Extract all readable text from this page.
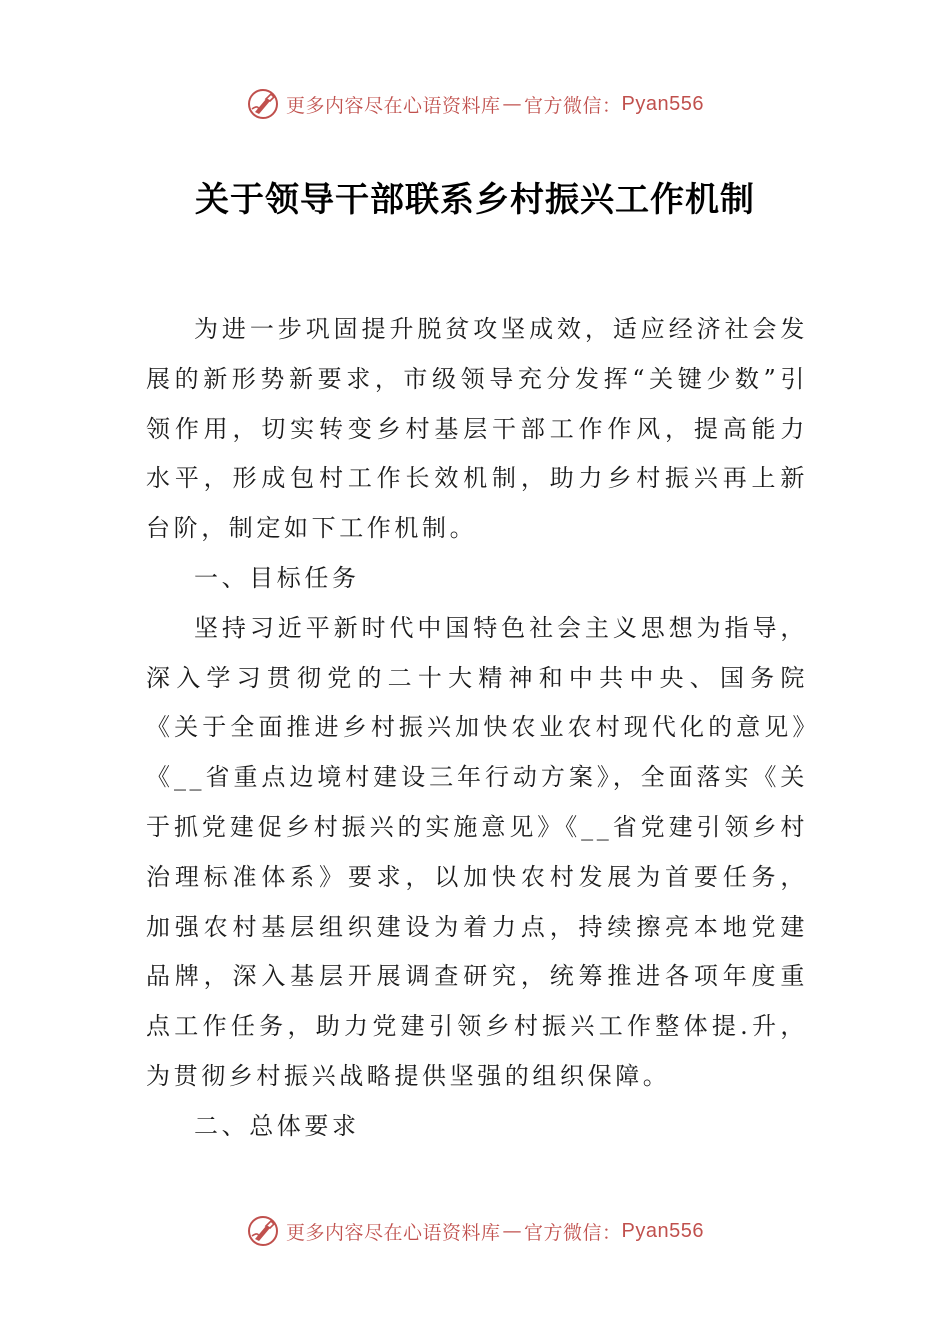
更多内容尽在心语资料库 — 官方微信： Pyan556
关于领导干部联系乡村振兴工作机制

为进一步巩固提升脱贫攻坚成效，适应经济社会发展的新形势新要求，市级领导充分发挥“关键少数”引领作用，切实转变乡村基层干部工作作风，提高能力水平，形成包村工作长效机制，助力乡村振兴再上新台阶，制定如下工作机制。

一、目标任务

坚持习近平新时代中国特色社会主义思想为指导，深入学习贯彻党的二十大精神和中共中央、国务院《关于全面推进乡村振兴加快农业农村现代化的意见》《__省重点边境村建设三年行动方案》，全面落实《关于抓党建促乡村振兴的实施意见》《__省党建引领乡村治理标准体系》要求，以加快农村发展为首要任务，加强农村基层组织建设为着力点，持续擦亮本地党建品牌，深入基层开展调查研究，统筹推进各项年度重点工作任务，助力党建引领乡村振兴工作整体提.升，为贯彻乡村振兴战略提供坚强的组织保障。

二、总体要求

更多内容尽在心语资料库 — 官方微信： Pyan556
